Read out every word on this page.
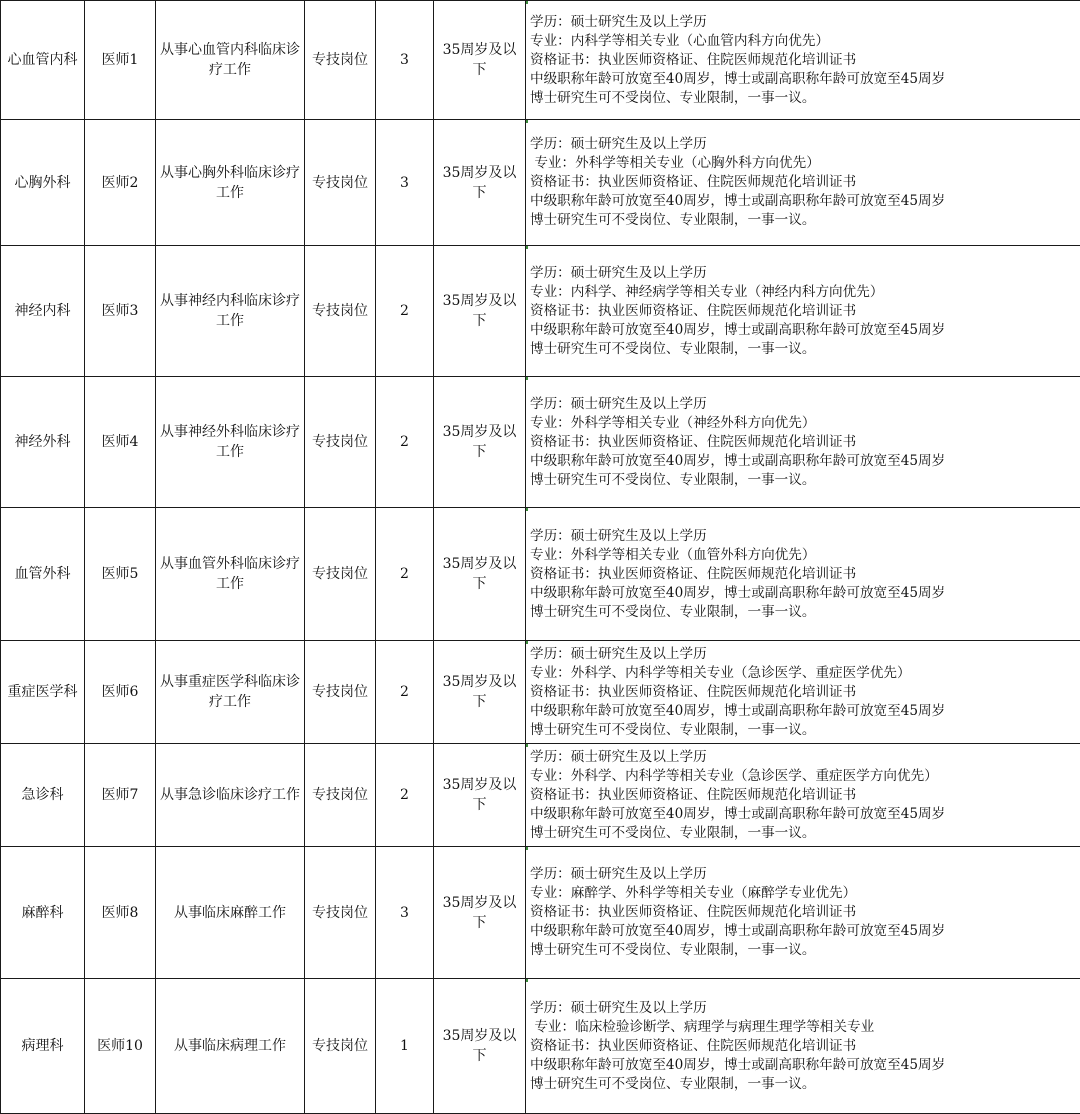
心血管内科	医师1	从事心血管内科临床诊疗工作	专技岗位	3	35周岁及以下	学历：硕士研究生及以上学历
专业：内科学等相关专业（心血管内科方向优先）
资格证书：执业医师资格证、住院医师规范化培训证书
中级职称年龄可放宽至40周岁，博士或副高职称年龄可放宽至45周岁
博士研究生可不受岗位、专业限制，一事一议。

心胸外科	医师2	从事心胸外科临床诊疗工作	专技岗位	3	35周岁及以下	学历：硕士研究生及以上学历
专业：外科学等相关专业（心胸外科方向优先）
资格证书：执业医师资格证、住院医师规范化培训证书
中级职称年龄可放宽至40周岁，博士或副高职称年龄可放宽至45周岁
博士研究生可不受岗位、专业限制，一事一议。

神经内科	医师3	从事神经内科临床诊疗工作	专技岗位	2	35周岁及以下	学历：硕士研究生及以上学历
专业：内科学、神经病学等相关专业（神经内科方向优先）
资格证书：执业医师资格证、住院医师规范化培训证书
中级职称年龄可放宽至40周岁，博士或副高职称年龄可放宽至45周岁
博士研究生可不受岗位、专业限制，一事一议。

神经外科	医师4	从事神经外科临床诊疗工作	专技岗位	2	35周岁及以下	学历：硕士研究生及以上学历
专业：外科学等相关专业（神经外科方向优先）
资格证书：执业医师资格证、住院医师规范化培训证书
中级职称年龄可放宽至40周岁，博士或副高职称年龄可放宽至45周岁
博士研究生可不受岗位、专业限制，一事一议。

血管外科	医师5	从事血管外科临床诊疗工作	专技岗位	2	35周岁及以下	学历：硕士研究生及以上学历
专业：外科学等相关专业（血管外科方向优先）
资格证书：执业医师资格证、住院医师规范化培训证书
中级职称年龄可放宽至40周岁，博士或副高职称年龄可放宽至45周岁
博士研究生可不受岗位、专业限制，一事一议。

重症医学科	医师6	从事重症医学科临床诊疗工作	专技岗位	2	35周岁及以下	学历：硕士研究生及以上学历
专业：外科学、内科学等相关专业（急诊医学、重症医学优先）
资格证书：执业医师资格证、住院医师规范化培训证书
中级职称年龄可放宽至40周岁，博士或副高职称年龄可放宽至45周岁
博士研究生可不受岗位、专业限制，一事一议。

急诊科	医师7	从事急诊临床诊疗工作	专技岗位	2	35周岁及以下	学历：硕士研究生及以上学历
专业：外科学、内科学等相关专业（急诊医学、重症医学方向优先）
资格证书：执业医师资格证、住院医师规范化培训证书
中级职称年龄可放宽至40周岁，博士或副高职称年龄可放宽至45周岁
博士研究生可不受岗位、专业限制，一事一议。

麻醉科	医师8	从事临床麻醉工作	专技岗位	3	35周岁及以下	学历：硕士研究生及以上学历
专业：麻醉学、外科学等相关专业（麻醉学专业优先）
资格证书：执业医师资格证、住院医师规范化培训证书
中级职称年龄可放宽至40周岁，博士或副高职称年龄可放宽至45周岁
博士研究生可不受岗位、专业限制，一事一议。

病理科	医师10	从事临床病理工作	专技岗位	1	35周岁及以下	学历：硕士研究生及以上学历
专业：临床检验诊断学、病理学与病理生理学等相关专业
资格证书：执业医师资格证、住院医师规范化培训证书
中级职称年龄可放宽至40周岁，博士或副高职称年龄可放宽至45周岁
博士研究生可不受岗位、专业限制，一事一议。
